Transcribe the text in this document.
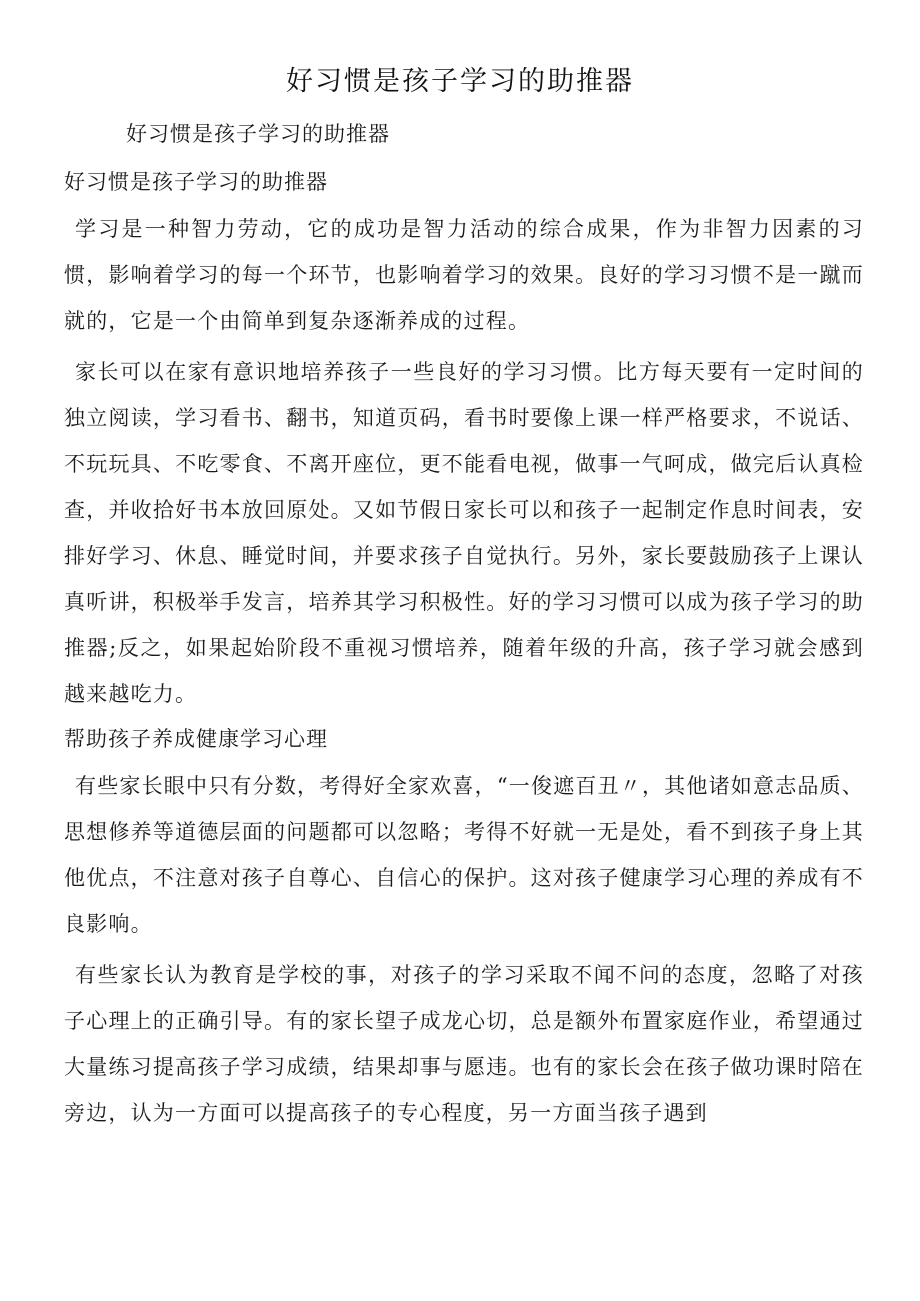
好习惯是孩子学习的助推器

好习惯是孩子学习的助推器

好习惯是孩子学习的助推器

学习是一种智力劳动，它的成功是智力活动的综合成果，作为非智力因素的习惯，影响着学习的每一个环节，也影响着学习的效果。良好的学习习惯不是一蹴而就的，它是一个由简单到复杂逐渐养成的过程。

家长可以在家有意识地培养孩子一些良好的学习习惯。比方每天要有一定时间的独立阅读，学习看书、翻书，知道页码，看书时要像上课一样严格要求，不说话、不玩玩具、不吃零食、不离开座位，更不能看电视，做事一气呵成，做完后认真检查，并收拾好书本放回原处。又如节假日家长可以和孩子一起制定作息时间表，安排好学习、休息、睡觉时间，并要求孩子自觉执行。另外，家长要鼓励孩子上课认真听讲，积极举手发言，培养其学习积极性。好的学习习惯可以成为孩子学习的助推器;反之，如果起始阶段不重视习惯培养，随着年级的升高，孩子学习就会感到越来越吃力。

帮助孩子养成健康学习心理

有些家长眼中只有分数，考得好全家欢喜，“一俊遮百丑〃，其他诸如意志品质、思想修养等道德层面的问题都可以忽略；考得不好就一无是处，看不到孩子身上其他优点，不注意对孩子自尊心、自信心的保护。这对孩子健康学习心理的养成有不良影响。

有些家长认为教育是学校的事，对孩子的学习采取不闻不问的态度，忽略了对孩子心理上的正确引导。有的家长望子成龙心切，总是额外布置家庭作业，希望通过大量练习提高孩子学习成绩，结果却事与愿违。也有的家长会在孩子做功课时陪在旁边，认为一方面可以提高孩子的专心程度，另一方面当孩子遇到
